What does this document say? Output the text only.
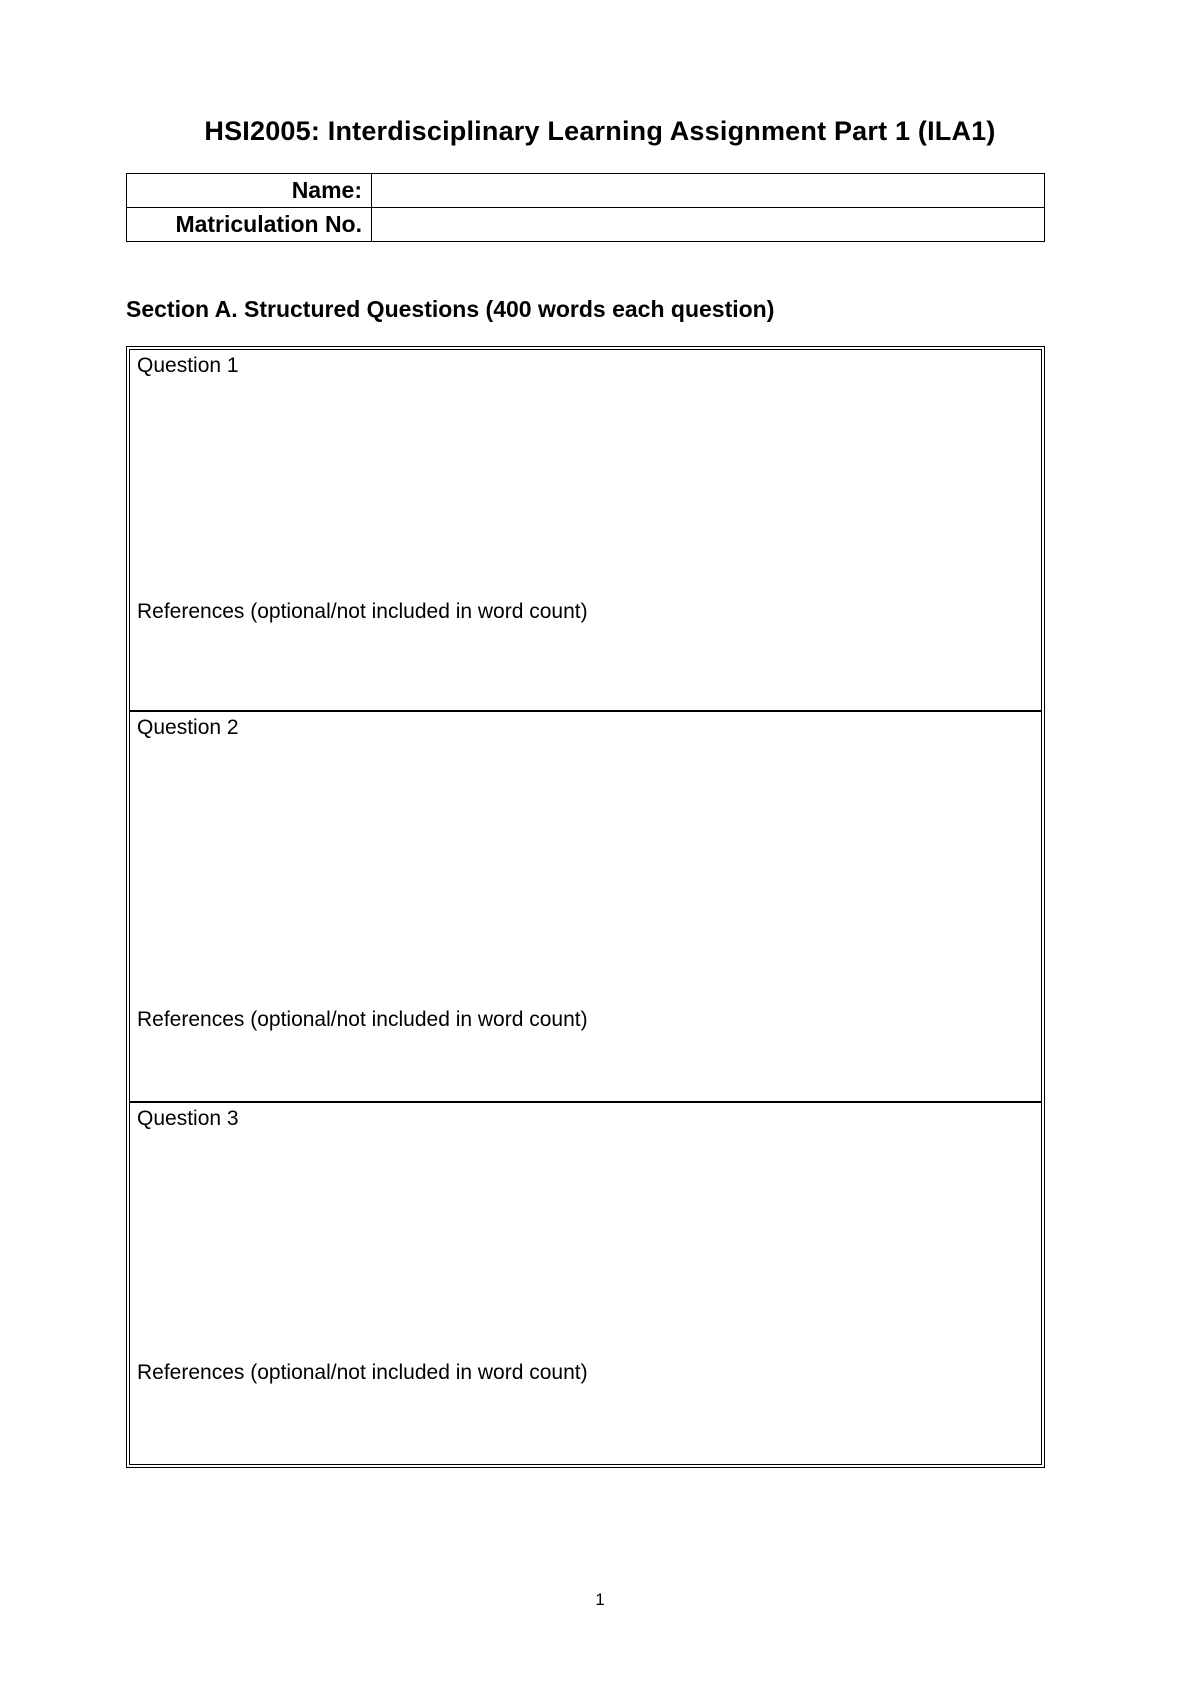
HSI2005: Interdisciplinary Learning Assignment Part 1 (ILA1)
Name:	
Matriculation No.	
Section A. Structured Questions (400 words each question)
Question 1
References (optional/not included in word count)
Question 2
References (optional/not included in word count)
Question 3
References (optional/not included in word count)
1
